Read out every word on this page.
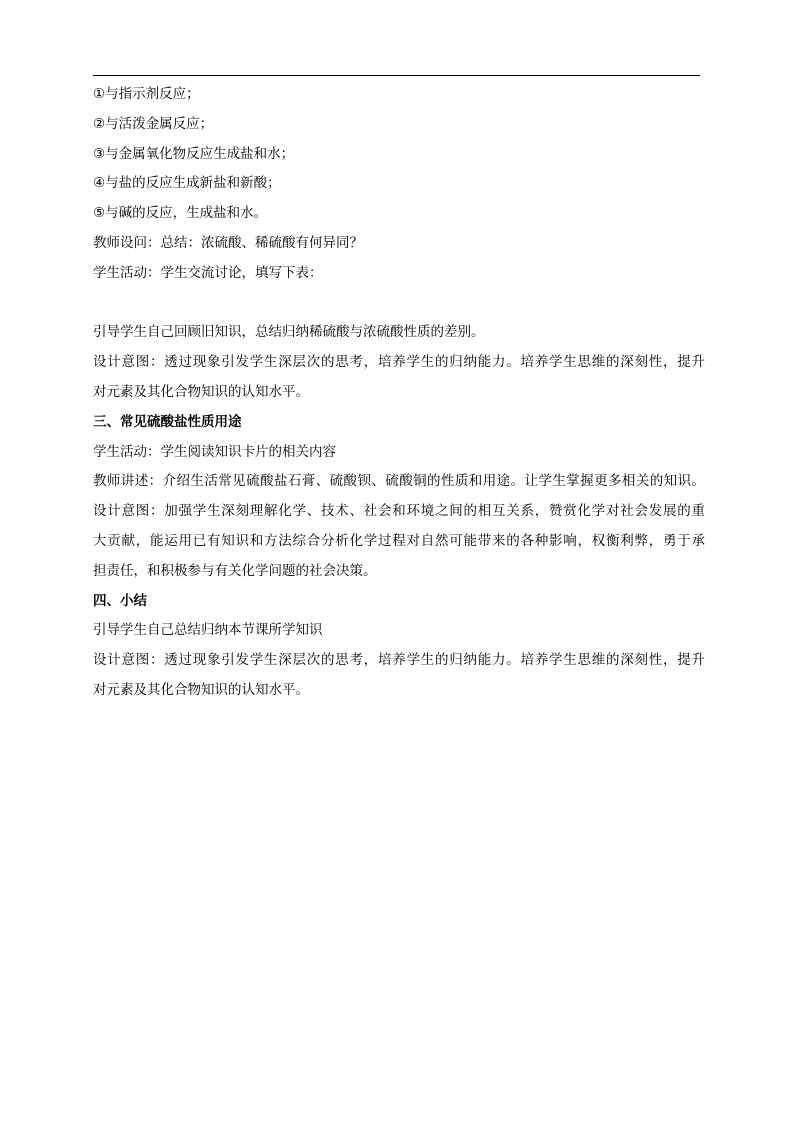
①与指示剂反应；
②与活泼金属反应；
③与金属氧化物反应生成盐和水；
④与盐的反应生成新盐和新酸；
⑤与碱的反应，生成盐和水。
教师设问：总结：浓硫酸、稀硫酸有何异同？
学生活动：学生交流讨论，填写下表：
引导学生自己回顾旧知识，总结归纳稀硫酸与浓硫酸性质的差别。
设计意图：透过现象引发学生深层次的思考，培养学生的归纳能力。培养学生思维的深刻性，提升
对元素及其化合物知识的认知水平。
三、常见硫酸盐性质用途
学生活动：学生阅读知识卡片的相关内容
教师讲述：介绍生活常见硫酸盐石膏、硫酸钡、硫酸铜的性质和用途。让学生掌握更多相关的知识。
设计意图：加强学生深刻理解化学、技术、社会和环境之间的相互关系，赞赏化学对社会发展的重
大贡献，能运用已有知识和方法综合分析化学过程对自然可能带来的各种影响，权衡利弊，勇于承
担责任，和积极参与有关化学问题的社会决策。
四、小结
引导学生自己总结归纳本节课所学知识
设计意图：透过现象引发学生深层次的思考，培养学生的归纳能力。培养学生思维的深刻性，提升
对元素及其化合物知识的认知水平。
